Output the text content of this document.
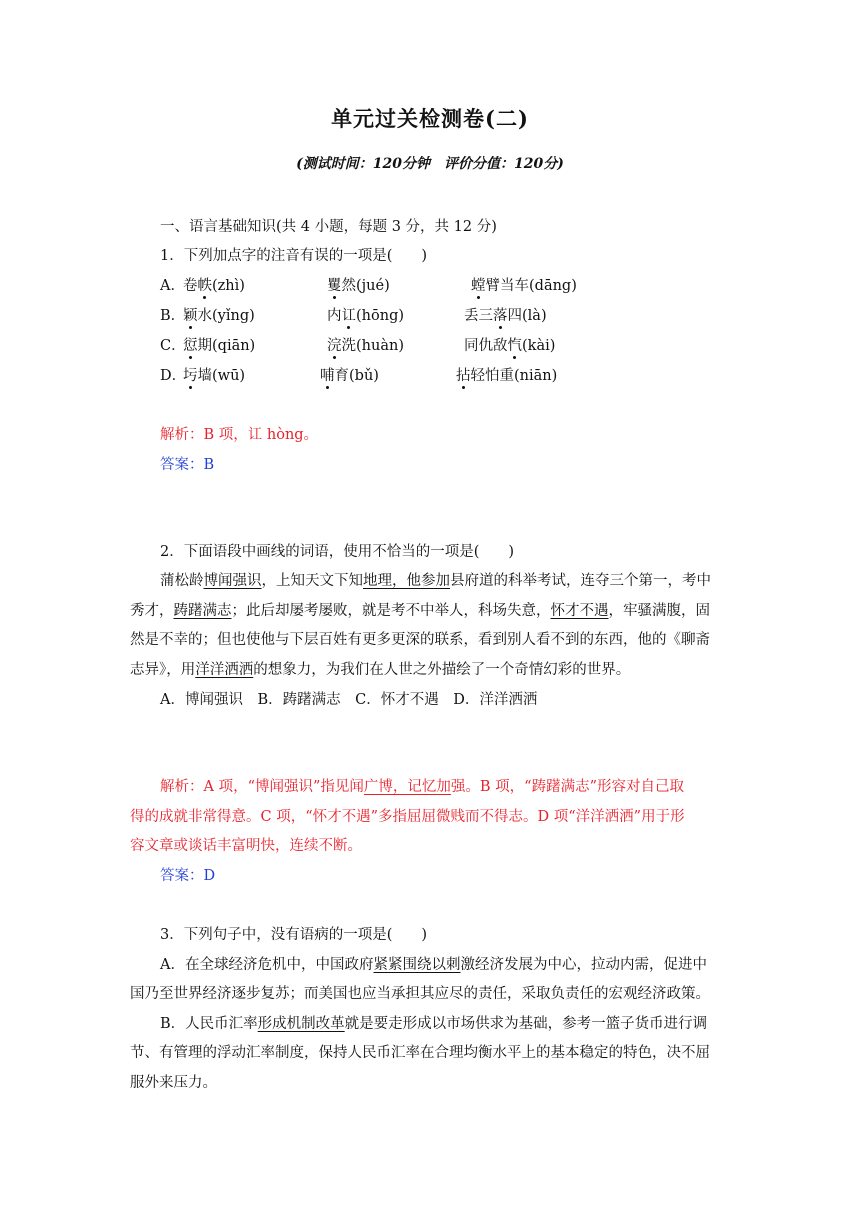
单元过关检测卷(二)
(测试时间：120分钟　评价分值：120分)
一、语言基础知识(共 4 小题，每题 3 分，共 12 分)
1．下列加点字的注音有误的一项是(　　)
A．
卷帙(zhì)	矍然(jué)	螳臂当车(dāng)
B．
颖水(yǐng)	内讧(hōng)	丢三落四(là)
C．
愆期(qiān)	浣洗(huàn)	同仇敌忾(kài)
D．
圬墙(wū)	哺育(bǔ)	拈轻怕重(niān)
解析：B 项，讧 hòng。
答案：B
2．下面语段中画线的词语，使用不恰当的一项是(　　)
蒲松龄博闻强识，上知天文下知地理，他参加县府道的科举考试，连夺三个第一，考中
秀才，踌躇满志；此后却屡考屡败，就是考不中举人，科场失意，怀才不遇，牢骚满腹，固
然是不幸的；但也使他与下层百姓有更多更深的联系，看到别人看不到的东西，他的《聊斋
志异》，用洋洋洒洒的想象力，为我们在人世之外描绘了一个奇情幻彩的世界。
A．博闻强识　B．踌躇满志　C．怀才不遇　D．洋洋洒洒
解析：A 项，“博闻强识”指见闻广博，记忆加强。B 项，“踌躇满志”形容对自己取
得的成就非常得意。C 项，“怀才不遇”多指屈屈微贱而不得志。D 项“洋洋洒洒”用于形
容文章或谈话丰富明快，连续不断。
答案：D
3．下列句子中，没有语病的一项是(　　)
A．在全球经济危机中，中国政府紧紧围绕以刺激经济发展为中心，拉动内需，促进中
国乃至世界经济逐步复苏；而美国也应当承担其应尽的责任，采取负责任的宏观经济政策。
B．人民币汇率形成机制改革就是要走形成以市场供求为基础，参考一篮子货币进行调
节、有管理的浮动汇率制度，保持人民币汇率在合理均衡水平上的基本稳定的特色，决不屈
服外来压力。
